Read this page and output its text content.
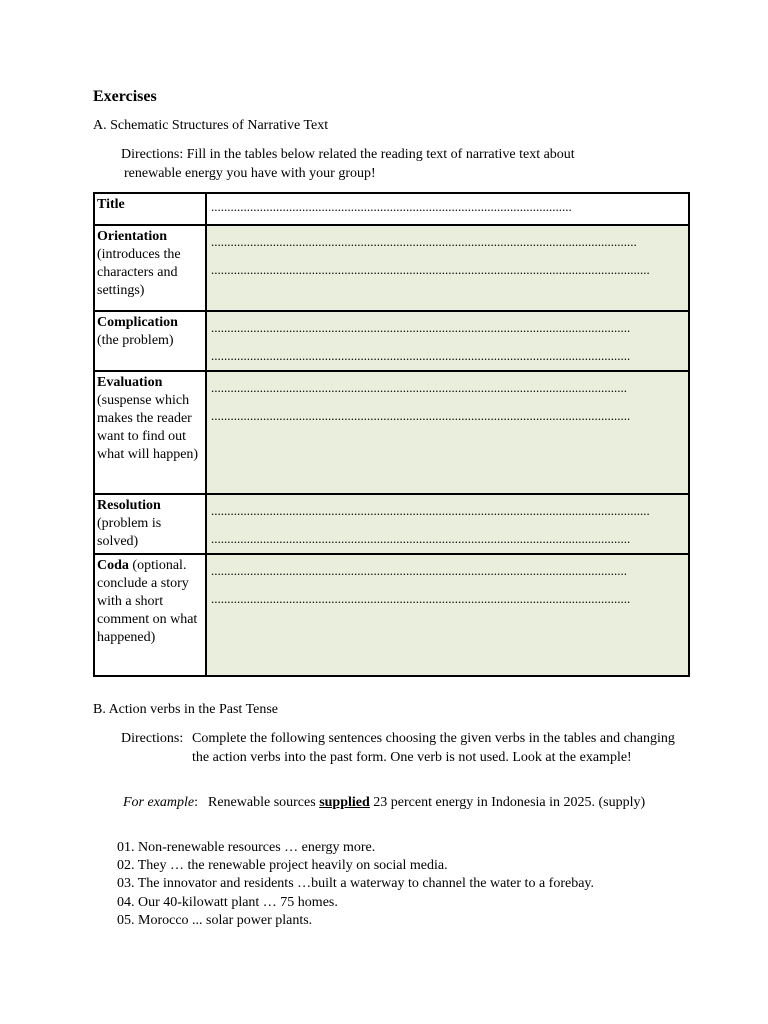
Exercises
A. Schematic Structures of Narrative Text
Directions: Fill in the tables below related the reading text of narrative text about
renewable energy you have with your group!
Title	...............................................................................................................

Orientation (introduces the characters and settings)	...................................................................................................................................
.......................................................................................................................................

Complication (the problem)	.................................................................................................................................
.................................................................................................................................

Evaluation (suspense which makes the reader want to find out what will happen)	................................................................................................................................
.................................................................................................................................

Resolution (problem is solved)	.......................................................................................................................................
.................................................................................................................................

Coda (optional. conclude a story with a short comment on what happened)	................................................................................................................................
.................................................................................................................................
B. Action verbs in the Past Tense
Directions: Complete the following sentences choosing the given verbs in the tables and changing the action verbs into the past form. One verb is not used. Look at the example!
For example: Renewable sources supplied 23 percent energy in Indonesia in 2025. (supply)
01. Non-renewable resources … energy more.
02. They … the renewable project heavily on social media.
03. The innovator and residents …built a waterway to channel the water to a forebay.
04. Our 40-kilowatt plant … 75 homes.
05. Morocco ... solar power plants.
